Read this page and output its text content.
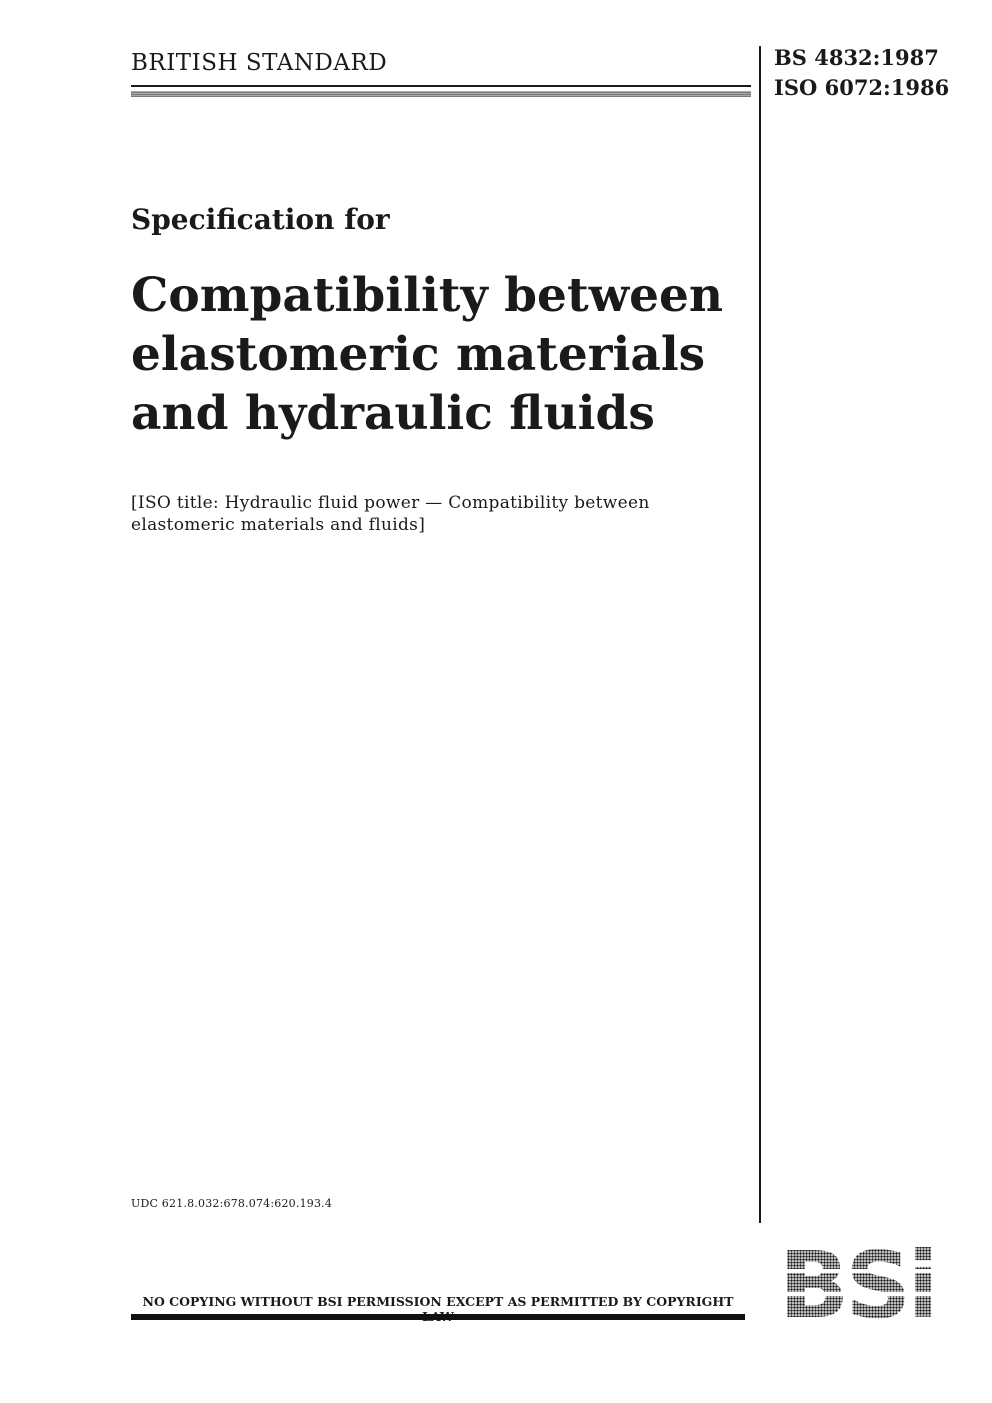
BRITISH STANDARD	BS 4832:1987
ISO 6072:1986
Specification for
Compatibility between
elastomeric materials
and hydraulic fluids
[ISO title: Hydraulic fluid power — Compatibility between
elastomeric materials and fluids]
UDC 621.8.032:678.074:620.193.4
NO COPYING WITHOUT BSI PERMISSION EXCEPT AS PERMITTED BY COPYRIGHT
